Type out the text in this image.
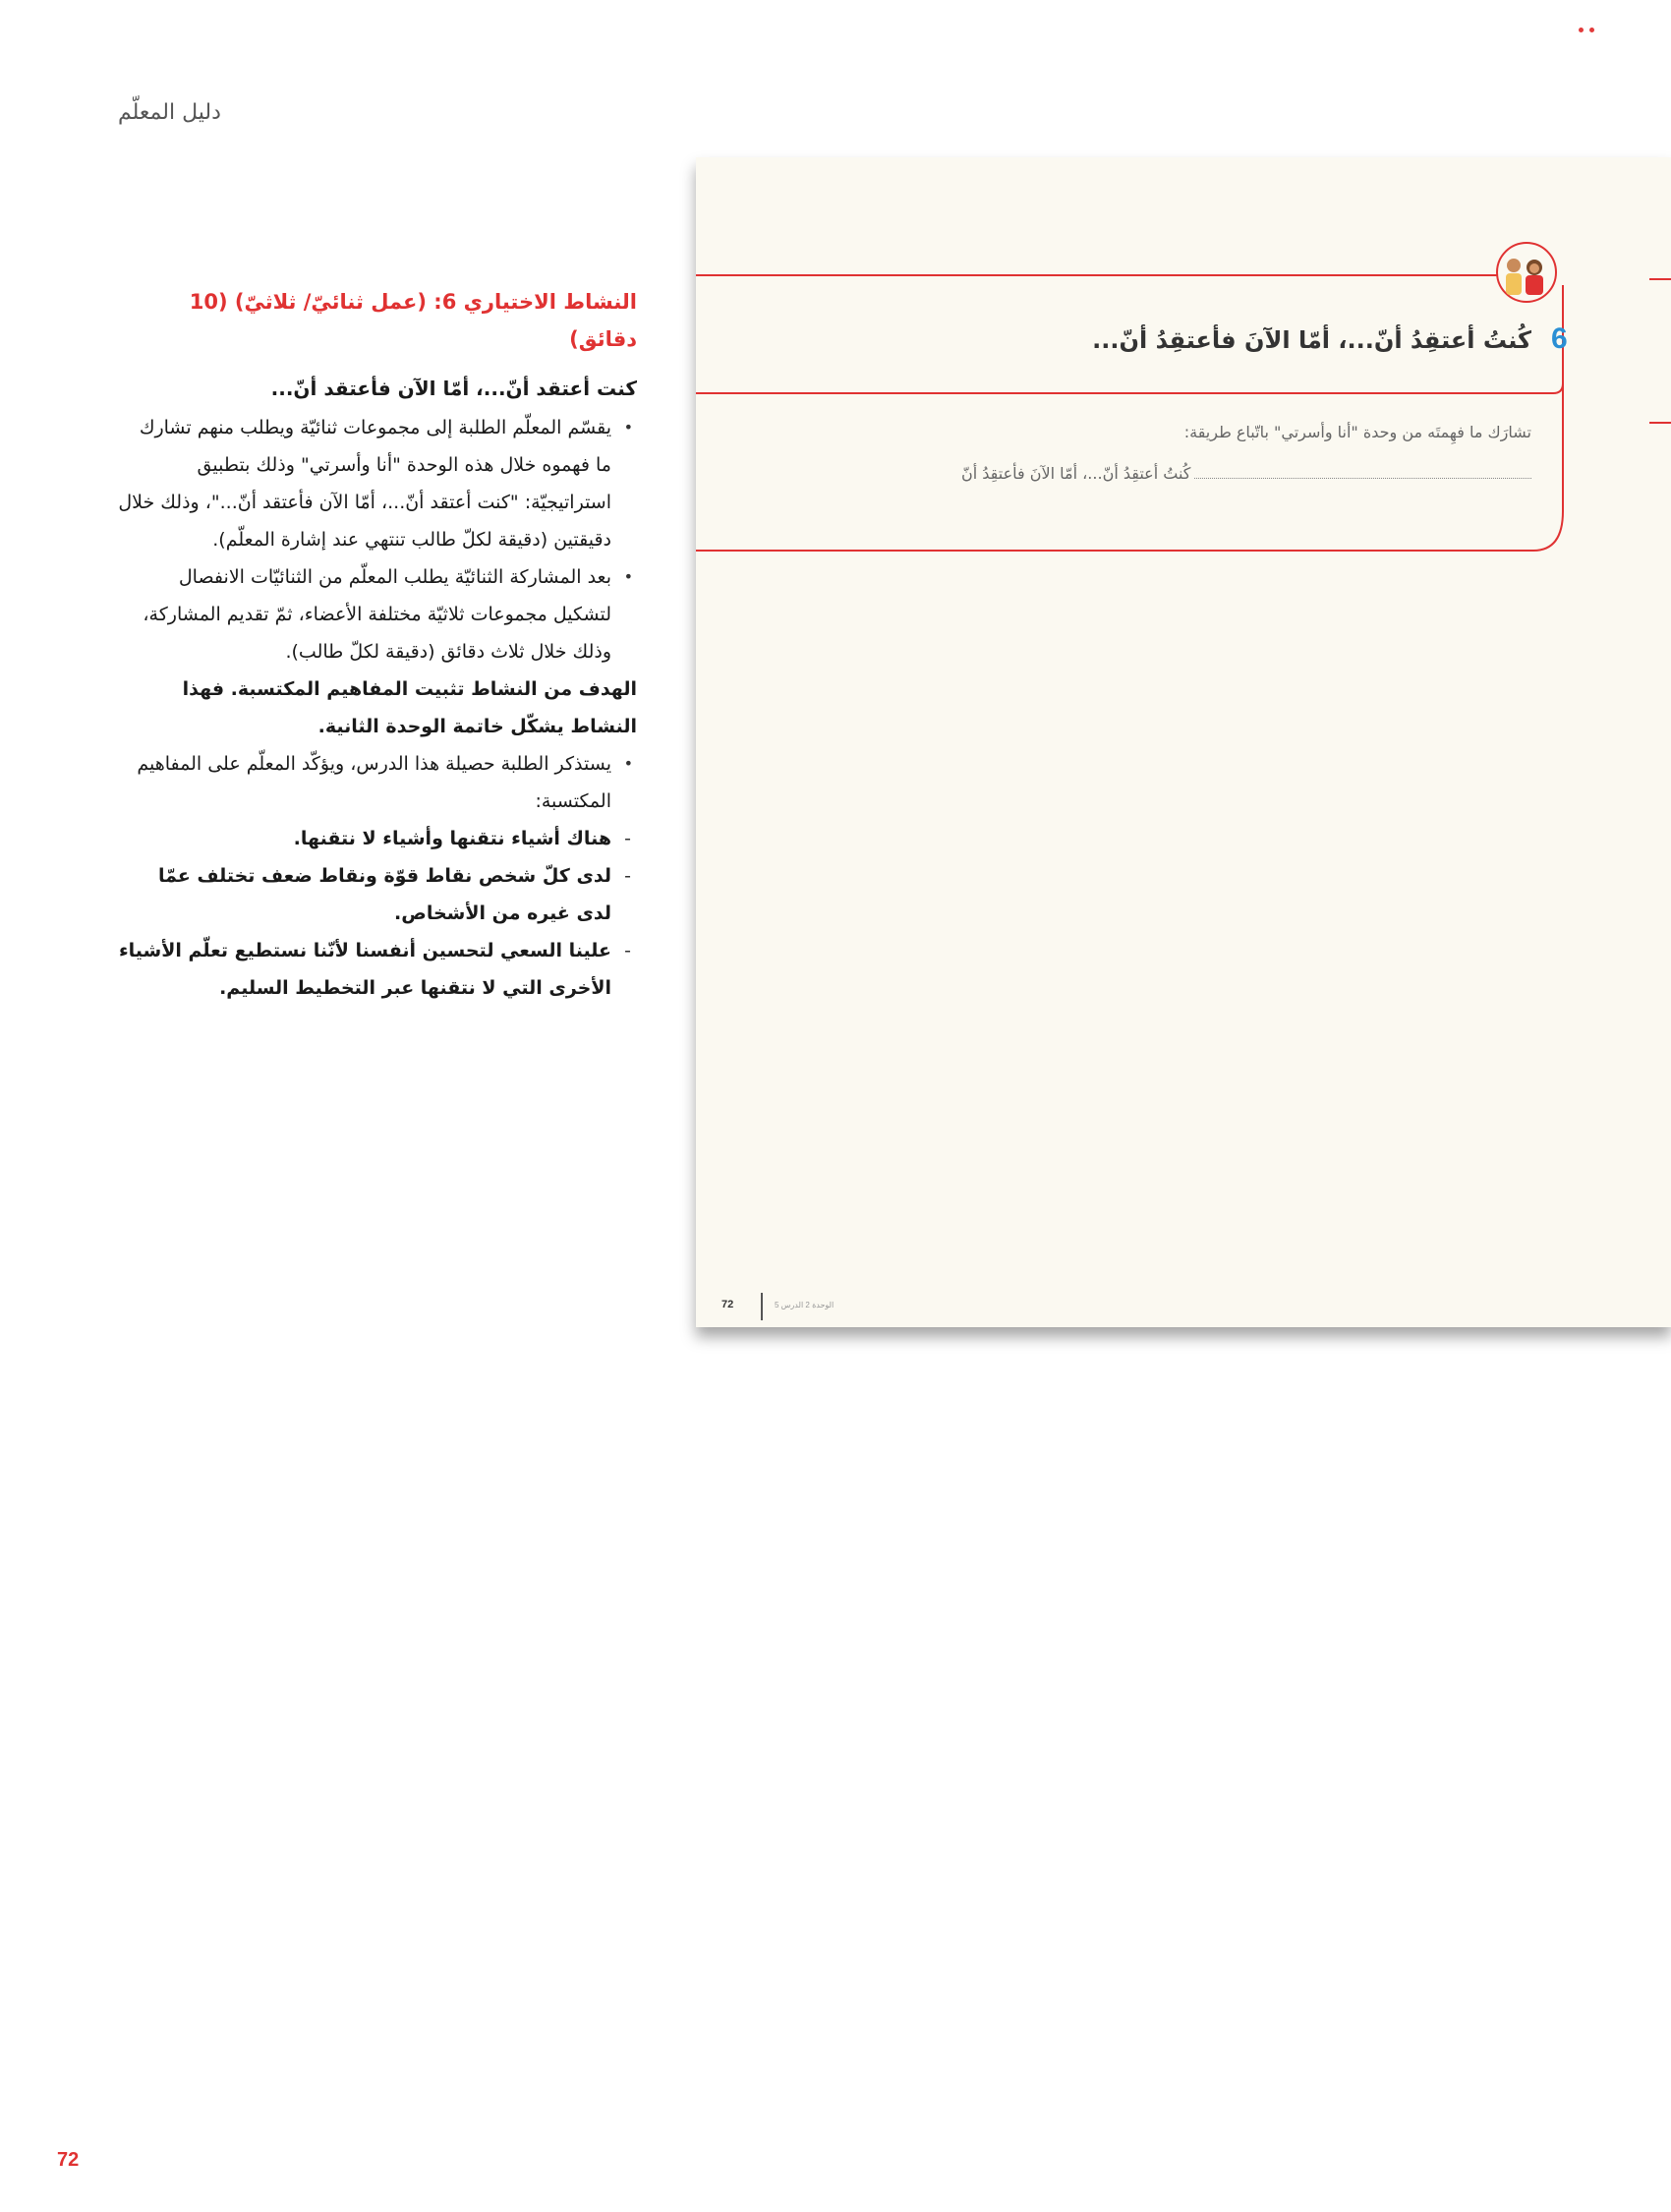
دليل المعلّم
النشاط الاختياري 6: (عمل ثنائيّ/ ثلاثيّ) (10 دقائق)
كنت أعتقد أنّ...، أمّا الآن فأعتقد أنّ...
• يقسّم المعلّم الطلبة إلى مجموعات ثنائيّة ويطلب منهم تشارك ما فهموه خلال هذه الوحدة "أنا وأسرتي" وذلك بتطبيق استراتيجيّة: "كنت أعتقد أنّ...، أمّا الآن فأعتقد أنّ..."، وذلك خلال دقيقتين (دقيقة لكلّ طالب تنتهي عند إشارة المعلّم).
• بعد المشاركة الثنائيّة يطلب المعلّم من الثنائيّات الانفصال لتشكيل مجموعات ثلاثيّة مختلفة الأعضاء، ثمّ تقديم المشاركة، وذلك خلال ثلاث دقائق (دقيقة لكلّ طالب).
الهدف من النشاط تثبيت المفاهيم المكتسبة. فهذا النشاط يشكّل خاتمة الوحدة الثانية.
• يستذكر الطلبة حصيلة هذا الدرس، ويؤكّد المعلّم على المفاهيم المكتسبة:
- هناك أشياء نتقنها وأشياء لا نتقنها.
- لدى كلّ شخص نقاط قوّة ونقاط ضعف تختلف عمّا لدى غيره من الأشخاص.
- علينا السعي لتحسين أنفسنا لأنّنا نستطيع تعلّم الأشياء الأخرى التي لا نتقنها عبر التخطيط السليم.
6
كُنتُ أعتقِدُ أنّ...، أمّا الآنَ فأعتقِدُ أنّ...
تشارَك ما فهِمتَه من وحدة "أنا وأسرتي" باتّباع طريقة:
كُنتُ أعتقِدُ أنّ...، أمّا الآنَ فأعتقِدُ أنّ
72	الوحدة 2 الدرس 5
72
